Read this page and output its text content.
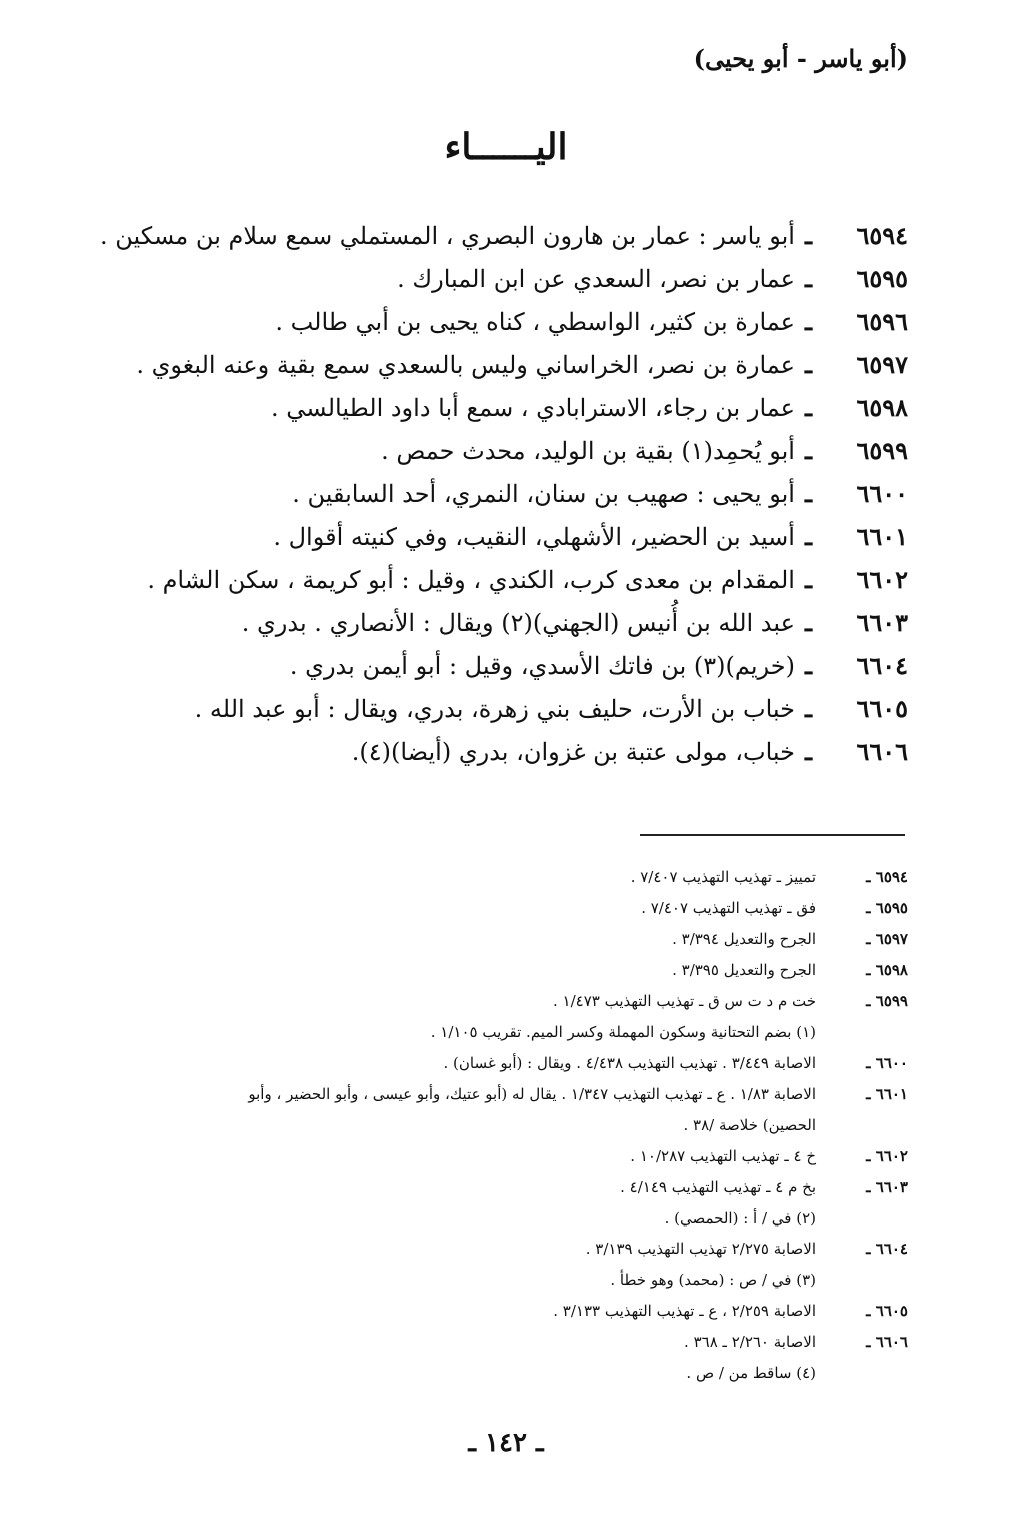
(أبو ياسر - أبو يحيى)
اليــــــاء
٦٥٩٤
ـ
أبو ياسر : عمار بن هارون البصري ، المستملي سمع سلام بن مسكين .
٦٥٩٥
ـ
عمار بن نصر، السعدي عن ابن المبارك .
٦٥٩٦
ـ
عمارة بن كثير، الواسطي ، كناه يحيى بن أبي طالب .
٦٥٩٧
ـ
عمارة بن نصر، الخراساني وليس بالسعدي سمع بقية وعنه البغوي .
٦٥٩٨
ـ
عمار بن رجاء، الاسترابادي ، سمع أبا داود الطيالسي .
٦٥٩٩
ـ
أبو يُحمِد(١) بقية بن الوليد، محدث حمص .
٦٦٠٠
ـ
أبو يحيى : صهيب بن سنان، النمري، أحد السابقين .
٦٦٠١
ـ
أسيد بن الحضير، الأشهلي، النقيب، وفي كنيته أقوال .
٦٦٠٢
ـ
المقدام بن معدى كرب، الكندي ، وقيل : أبو كريمة ، سكن الشام .
٦٦٠٣
ـ
عبد الله بن أُنيس (الجهني)(٢) ويقال : الأنصاري . بدري .
٦٦٠٤
ـ
(خريم)(٣) بن فاتك الأسدي، وقيل : أبو أيمن بدري .
٦٦٠٥
ـ
خباب بن الأرت، حليف بني زهرة، بدري، ويقال : أبو عبد الله .
٦٦٠٦
ـ
خباب، مولى عتبة بن غزوان، بدري (أيضا)(٤).
٦٥٩٤ ـ
تمييز ـ تهذيب التهذيب ٧/٤٠٧ .
٦٥٩٥ ـ
فق ـ تهذيب التهذيب ٧/٤٠٧ .
٦٥٩٧ ـ
الجرح والتعديل ٣/٣٩٤ .
٦٥٩٨ ـ
الجرح والتعديل ٣/٣٩٥ .
٦٥٩٩ ـ
خت م د ت س ق ـ تهذيب التهذيب ١/٤٧٣ .
(١) بضم التحتانية وسكون المهملة وكسر الميم. تقريب ١/١٠٥ .
٦٦٠٠ ـ
الاصابة ٣/٤٤٩ . تهذيب التهذيب ٤/٤٣٨ . ويقال : (أبو غسان) .
٦٦٠١ ـ
الاصابة ١/٨٣ . ع ـ تهذيب التهذيب ١/٣٤٧ . يقال له (أبو عتيك، وأبو عيسى ، وأبو الحضير ، وأبو
الحصين) خلاصة /٣٨ .
٦٦٠٢ ـ
خ ٤ ـ تهذيب التهذيب ١٠/٢٨٧ .
٦٦٠٣ ـ
بخ م ٤ ـ تهذيب التهذيب ٤/١٤٩ .
(٢) في / أ : (الحمصي) .
٦٦٠٤ ـ
الاصابة ٢/٢٧٥ تهذيب التهذيب ٣/١٣٩ .
(٣) في / ص : (محمد) وهو خطأ .
٦٦٠٥ ـ
الاصابة ٢/٢٥٩ ، ع ـ تهذيب التهذيب ٣/١٣٣ .
٦٦٠٦ ـ
الاصابة ٢/٢٦٠ ـ ٣٦٨ .
(٤) ساقط من / ص .
ـ ١٤٢ ـ
